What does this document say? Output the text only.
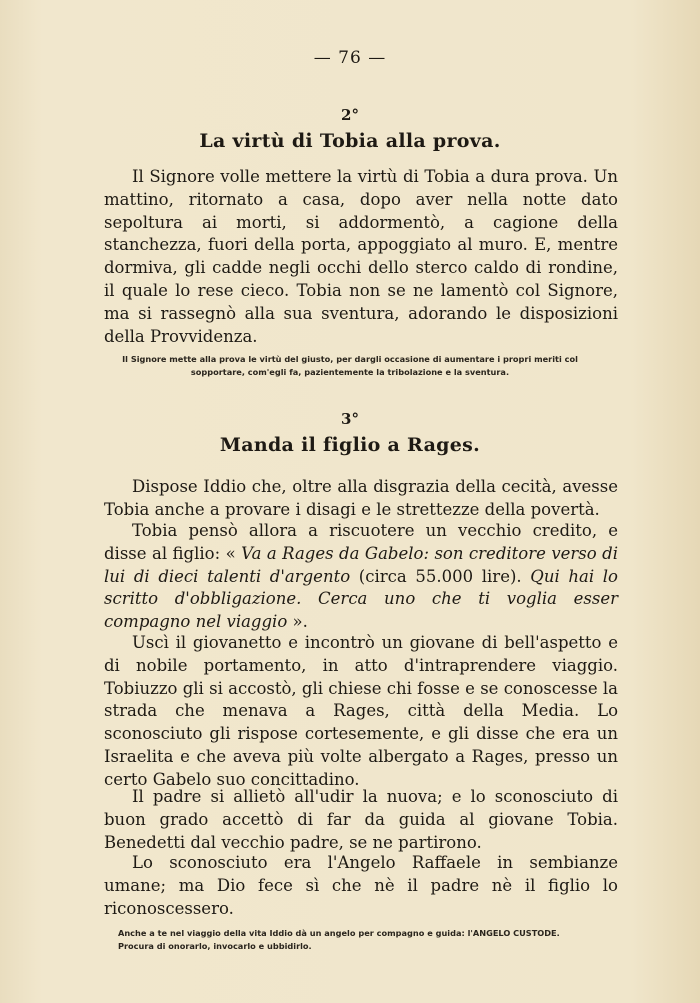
— 76 —
2°
La virtù di Tobia alla prova.

Il Signore volle mettere la virtù di Tobia a dura prova. Un mattino, ritornato a casa, dopo aver nella notte dato sepoltura ai morti, si addormentò, a cagione della stanchezza, fuori della porta, appoggiato al muro. E, mentre dormiva, gli cadde negli occhi dello sterco caldo di rondine, il quale lo rese cieco. Tobia non se ne lamentò col Signore, ma si rassegnò alla sua sventura, adorando le disposizioni della Provvidenza.

Il Signore mette alla prova le virtù del giusto, per dargli occasione di aumentare i propri meriti col sopportare, com'egli fa, pazientemente la tribolazione e la sventura.

3°
Manda il figlio a Rages.

Dispose Iddio che, oltre alla disgrazia della cecità, avesse Tobia anche a provare i disagi e le strettezze della povertà.

Tobia pensò allora a riscuotere un vecchio credito, e disse al figlio: « Va a Rages da Gabelo: son creditore verso di lui di dieci talenti d'argento (circa 55.000 lire). Qui hai lo scritto d'obbligazione. Cerca uno che ti voglia esser compagno nel viaggio ».

Uscì il giovanetto e incontrò un giovane di bell'aspetto e di nobile portamento, in atto d'intraprendere viaggio. Tobiuzzo gli si accostò, gli chiese chi fosse e se conoscesse la strada che menava a Rages, città della Media. Lo sconosciuto gli rispose cortesemente, e gli disse che era un Israelita e che aveva più volte albergato a Rages, presso un certo Gabelo suo concittadino.

Il padre si allietò all'udir la nuova; e lo sconosciuto di buon grado accettò di far da guida al giovane Tobia. Benedetti dal vecchio padre, se ne partirono.

Lo sconosciuto era l'Angelo Raffaele in sembianze umane; ma Dio fece sì che nè il padre nè il figlio lo riconoscessero.

Anche a te nel viaggio della vita Iddio dà un angelo per compagno e guida: l'ANGELO CUSTODE. Procura di onorarlo, invocarlo e ubbidirlo.
